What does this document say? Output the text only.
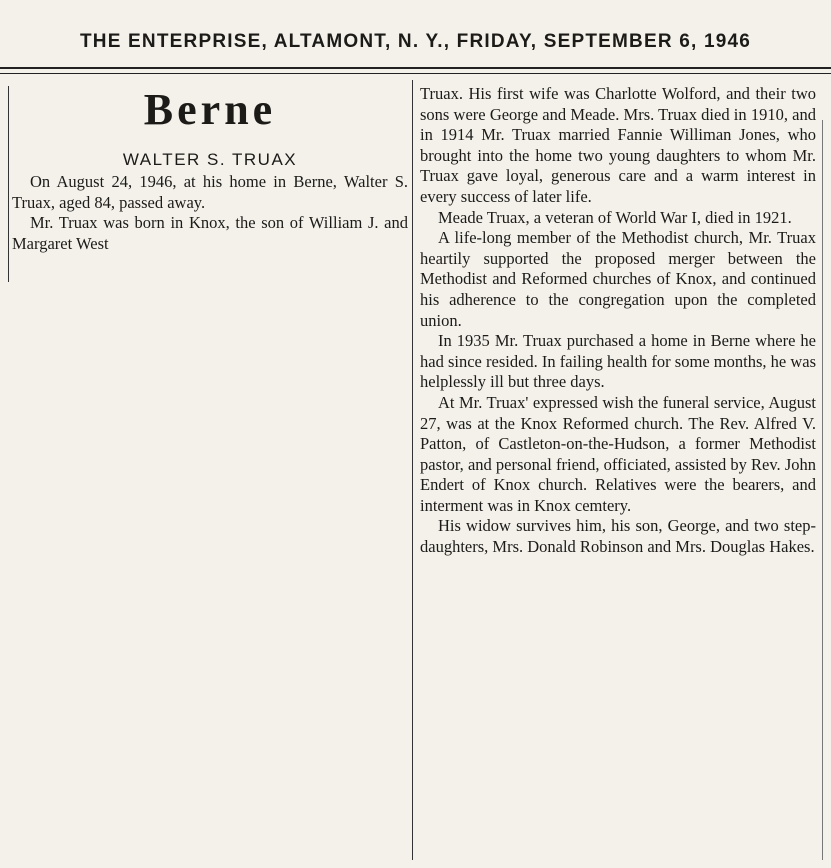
THE ENTERPRISE, ALTAMONT, N. Y., FRIDAY, SEPTEMBER 6, 1946
Berne
WALTER S. TRUAX

On August 24, 1946, at his home in Berne, Walter S. Truax, aged 84, passed away.

Mr. Truax was born in Knox, the son of William J. and Margaret West

Truax. His first wife was Charlotte Wolford, and their two sons were George and Meade. Mrs. Truax died in 1910, and in 1914 Mr. Truax married Fannie Williman Jones, who brought into the home two young daughters to whom Mr. Truax gave loyal, generous care and a warm interest in every success of later life.

Meade Truax, a veteran of World War I, died in 1921.

A life-long member of the Methodist church, Mr. Truax heartily supported the proposed merger between the Methodist and Reformed churches of Knox, and continued his adherence to the congregation upon the completed union.

In 1935 Mr. Truax purchased a home in Berne where he had since resided. In failing health for some months, he was helplessly ill but three days.

At Mr. Truax' expressed wish the funeral service, August 27, was at the Knox Reformed church. The Rev. Alfred V. Patton, of Castleton-on-the-Hudson, a former Methodist pastor, and personal friend, officiated, assisted by Rev. John Endert of Knox church. Relatives were the bearers, and interment was in Knox cemtery.

His widow survives him, his son, George, and two step-daughters, Mrs. Donald Robinson and Mrs. Douglas Hakes.
